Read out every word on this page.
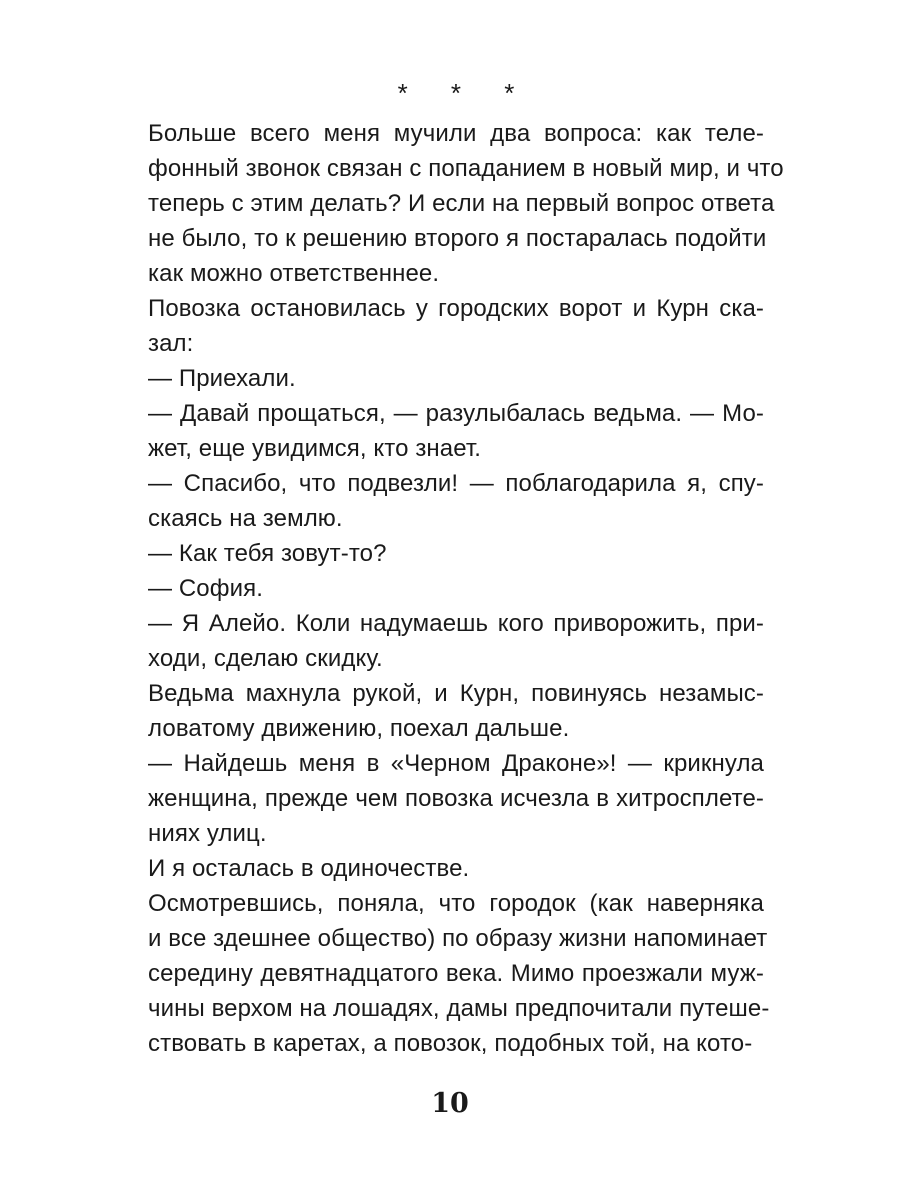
* * *

Больше всего меня мучили два вопроса: как теле-
фонный звонок связан с попаданием в новый мир, и что
теперь с этим делать? И если на первый вопрос ответа
не было, то к решению второго я постаралась подойти
как можно ответственнее.

Повозка остановилась у городских ворот и Курн ска-
зал:

— Приехали.

— Давай прощаться, — разулыбалась ведьма. — Мо-
жет, еще увидимся, кто знает.

— Спасибо, что подвезли! — поблагодарила я, спу-
скаясь на землю.

— Как тебя зовут-то?

— София.

— Я Алейо. Коли надумаешь кого приворожить, при-
ходи, сделаю скидку.

Ведьма махнула рукой, и Курн, повинуясь незамыс-
ловатому движению, поехал дальше.

— Найдешь меня в «Черном Драконе»! — крикнула
женщина, прежде чем повозка исчезла в хитросплете-
ниях улиц.

И я осталась в одиночестве.

Осмотревшись, поняла, что городок (как наверняка
и все здешнее общество) по образу жизни напоминает
середину девятнадцатого века. Мимо проезжали муж-
чины верхом на лошадях, дамы предпочитали путеше-
ствовать в каретах, а повозок, подобных той, на кото-

10
